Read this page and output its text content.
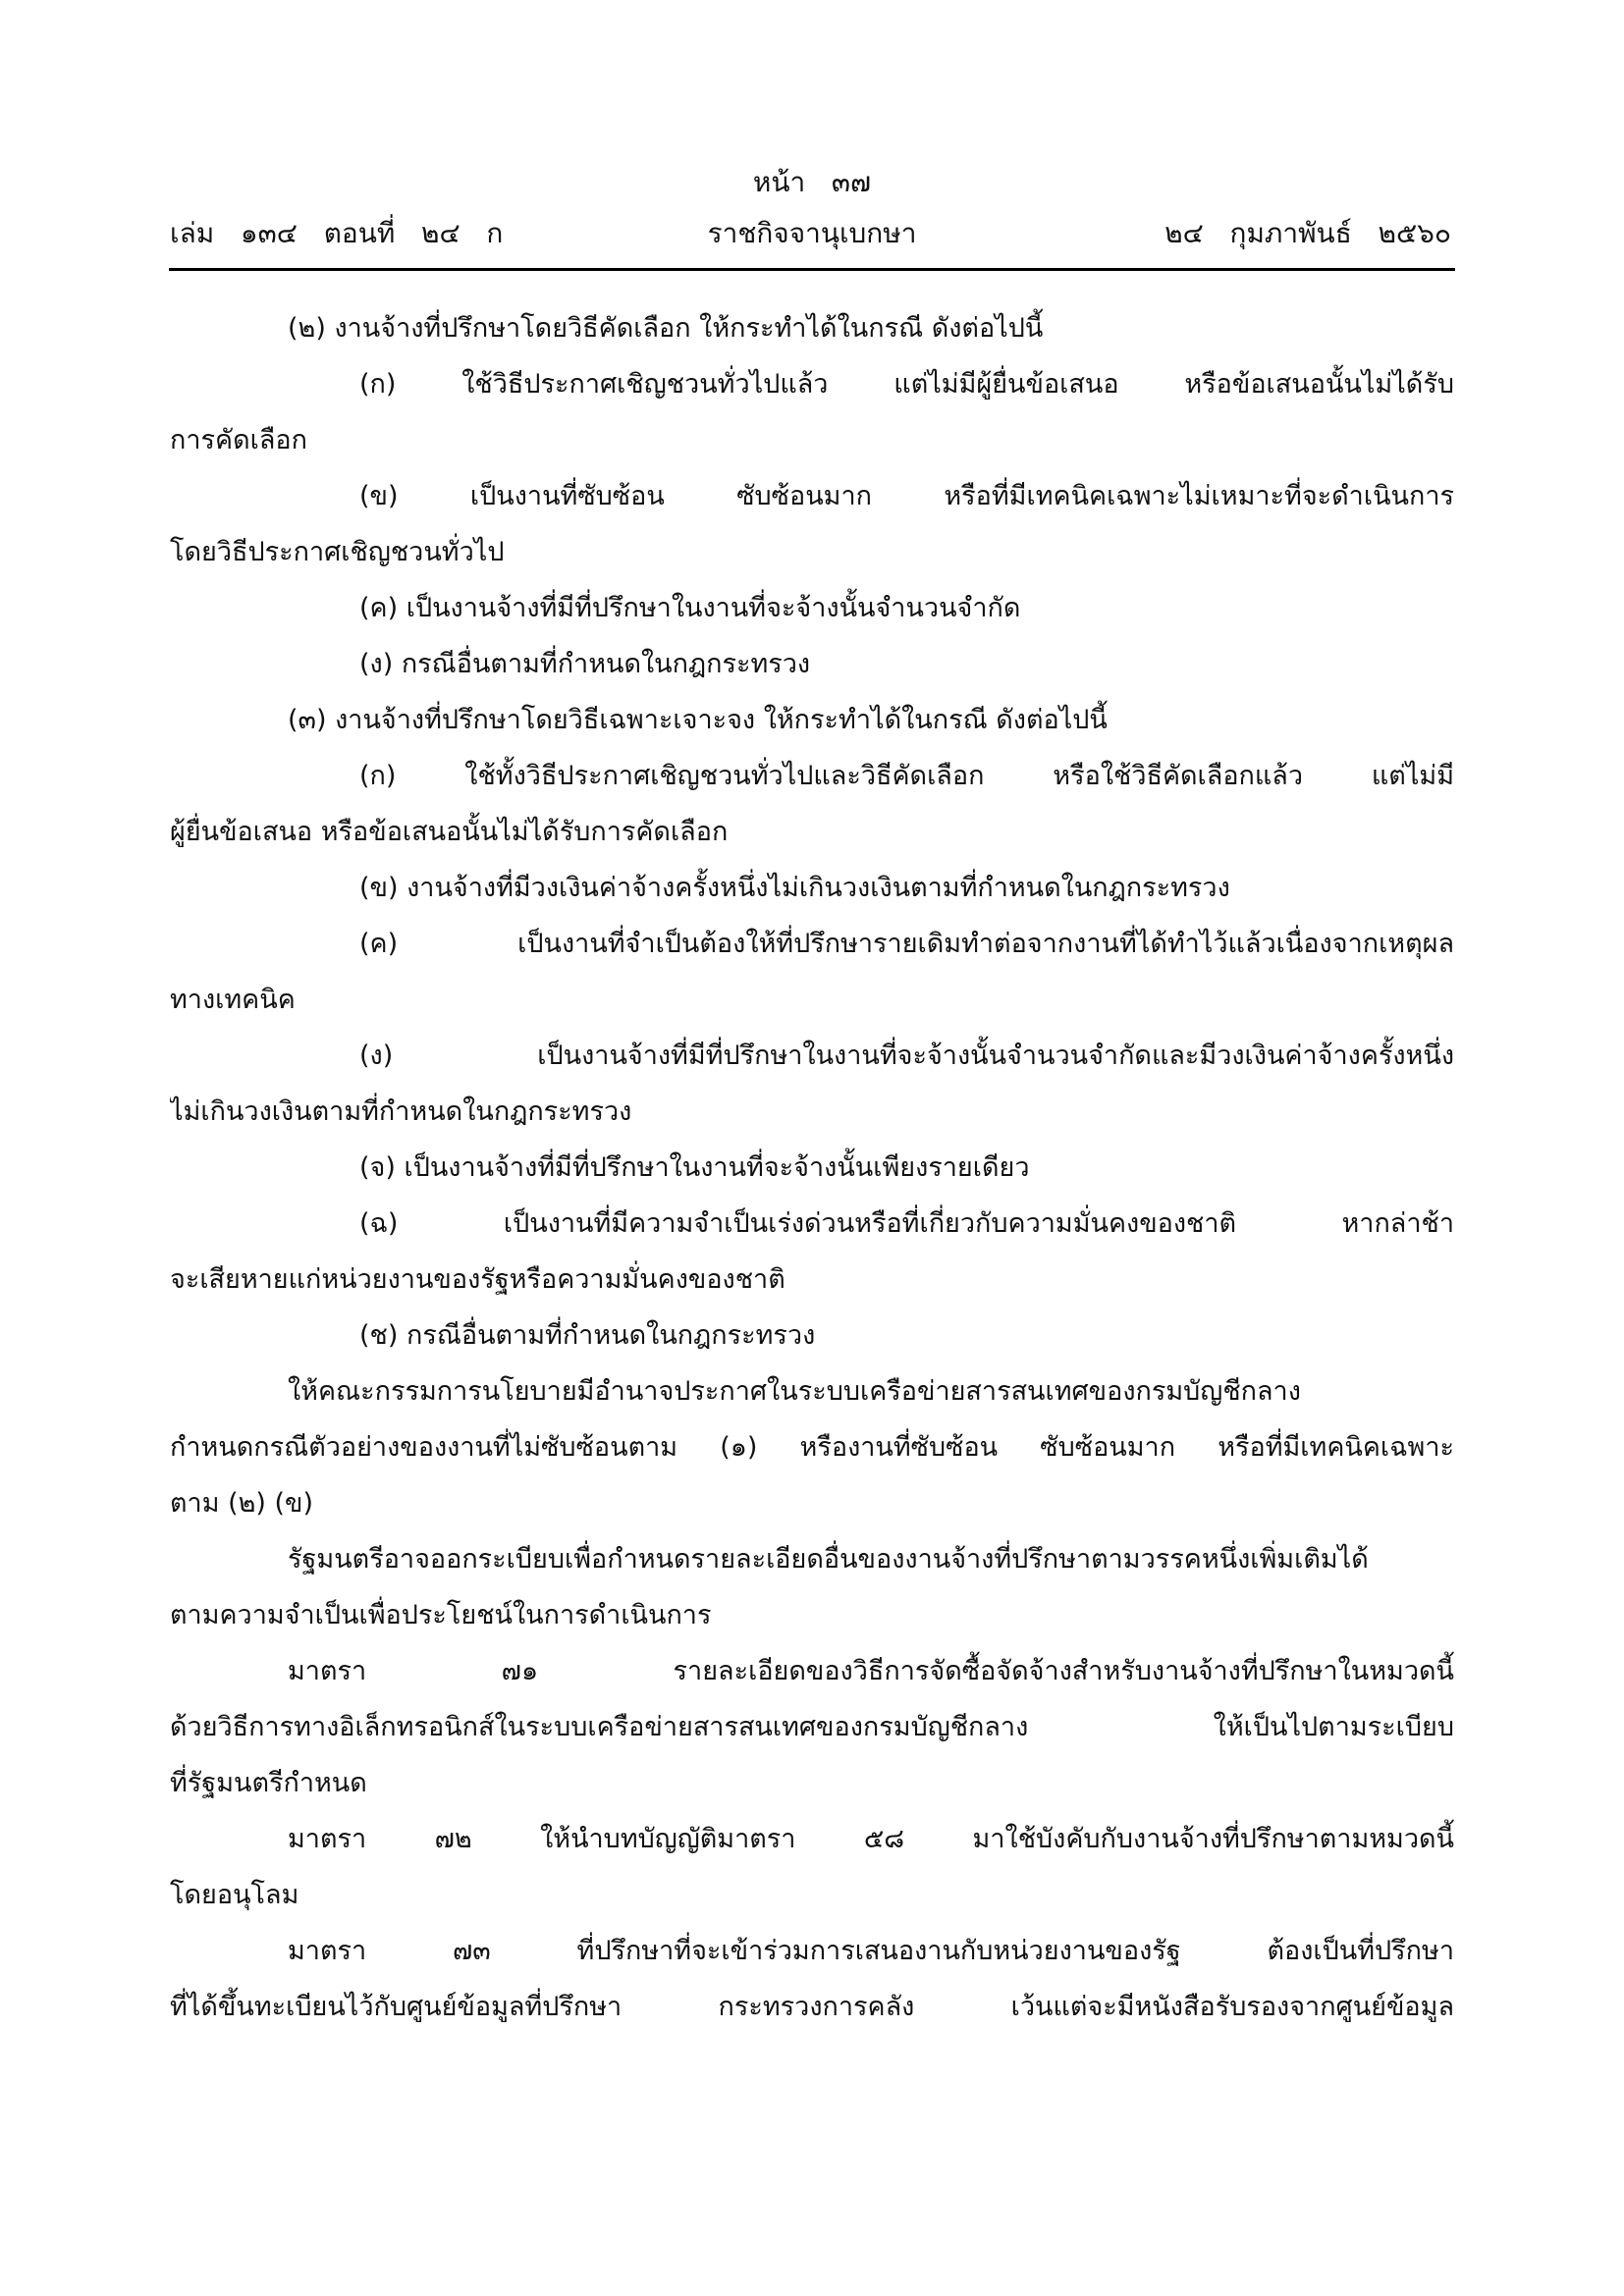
หน้า   ๓๗
เล่ม   ๑๓๔   ตอนที่   ๒๔   ก	ราชกิจจานุเบกษา	๒๔   กุมภาพันธ์   ๒๕๖๐
(๒) งานจ้างที่ปรึกษาโดยวิธีคัดเลือก ให้กระทำได้ในกรณี ดังต่อไปนี้
(ก) ใช้วิธีประกาศเชิญชวนทั่วไปแล้ว แต่ไม่มีผู้ยื่นข้อเสนอ หรือข้อเสนอนั้นไม่ได้รับ
การคัดเลือก
(ข) เป็นงานที่ซับซ้อน ซับซ้อนมาก หรือที่มีเทคนิคเฉพาะไม่เหมาะที่จะดำเนินการ
โดยวิธีประกาศเชิญชวนทั่วไป
(ค) เป็นงานจ้างที่มีที่ปรึกษาในงานที่จะจ้างนั้นจำนวนจำกัด
(ง) กรณีอื่นตามที่กำหนดในกฎกระทรวง
(๓) งานจ้างที่ปรึกษาโดยวิธีเฉพาะเจาะจง ให้กระทำได้ในกรณี ดังต่อไปนี้
(ก) ใช้ทั้งวิธีประกาศเชิญชวนทั่วไปและวิธีคัดเลือก หรือใช้วิธีคัดเลือกแล้ว แต่ไม่มี
ผู้ยื่นข้อเสนอ หรือข้อเสนอนั้นไม่ได้รับการคัดเลือก
(ข) งานจ้างที่มีวงเงินค่าจ้างครั้งหนึ่งไม่เกินวงเงินตามที่กำหนดในกฎกระทรวง
(ค) เป็นงานที่จำเป็นต้องให้ที่ปรึกษารายเดิมทำต่อจากงานที่ได้ทำไว้แล้วเนื่องจากเหตุผล
ทางเทคนิค
(ง) เป็นงานจ้างที่มีที่ปรึกษาในงานที่จะจ้างนั้นจำนวนจำกัดและมีวงเงินค่าจ้างครั้งหนึ่ง
ไม่เกินวงเงินตามที่กำหนดในกฎกระทรวง
(จ) เป็นงานจ้างที่มีที่ปรึกษาในงานที่จะจ้างนั้นเพียงรายเดียว
(ฉ) เป็นงานที่มีความจำเป็นเร่งด่วนหรือที่เกี่ยวกับความมั่นคงของชาติ หากล่าช้า
จะเสียหายแก่หน่วยงานของรัฐหรือความมั่นคงของชาติ
(ช) กรณีอื่นตามที่กำหนดในกฎกระทรวง
ให้คณะกรรมการนโยบายมีอำนาจประกาศในระบบเครือข่ายสารสนเทศของกรมบัญชีกลาง
กำหนดกรณีตัวอย่างของงานที่ไม่ซับซ้อนตาม (๑) หรืองานที่ซับซ้อน ซับซ้อนมาก หรือที่มีเทคนิคเฉพาะ
ตาม (๒) (ข)
รัฐมนตรีอาจออกระเบียบเพื่อกำหนดรายละเอียดอื่นของงานจ้างที่ปรึกษาตามวรรคหนึ่งเพิ่มเติมได้
ตามความจำเป็นเพื่อประโยชน์ในการดำเนินการ
มาตรา ๗๑ รายละเอียดของวิธีการจัดซื้อจัดจ้างสำหรับงานจ้างที่ปรึกษาในหมวดนี้
ด้วยวิธีการทางอิเล็กทรอนิกส์ในระบบเครือข่ายสารสนเทศของกรมบัญชีกลาง ให้เป็นไปตามระเบียบ
ที่รัฐมนตรีกำหนด
มาตรา ๗๒ ให้นำบทบัญญัติมาตรา ๕๘ มาใช้บังคับกับงานจ้างที่ปรึกษาตามหมวดนี้
โดยอนุโลม
มาตรา ๗๓ ที่ปรึกษาที่จะเข้าร่วมการเสนองานกับหน่วยงานของรัฐ ต้องเป็นที่ปรึกษา
ที่ได้ขึ้นทะเบียนไว้กับศูนย์ข้อมูลที่ปรึกษา กระทรวงการคลัง เว้นแต่จะมีหนังสือรับรองจากศูนย์ข้อมูล
